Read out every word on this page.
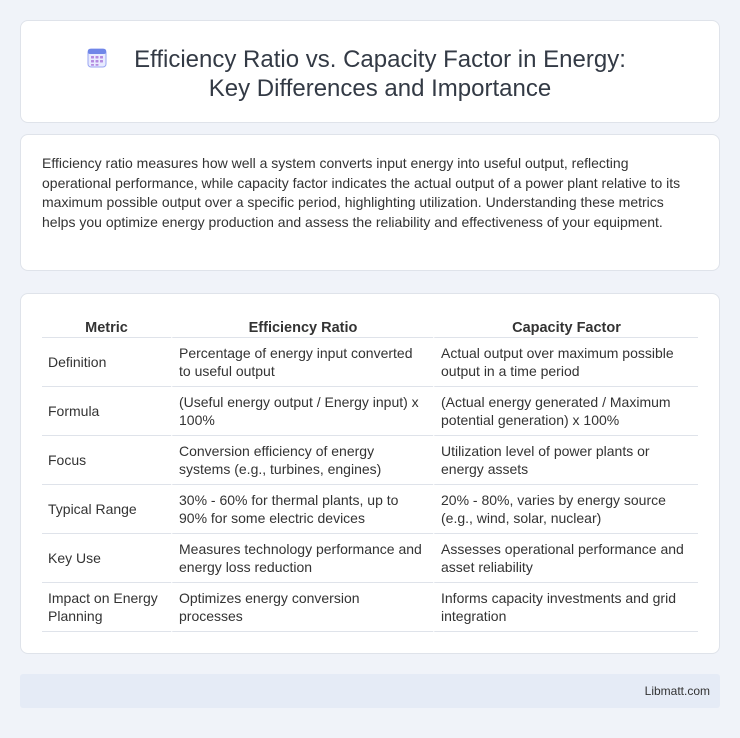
Efficiency Ratio vs. Capacity Factor in Energy: Key Differences and Importance

Efficiency ratio measures how well a system converts input energy into useful output, reflecting operational performance, while capacity factor indicates the actual output of a power plant relative to its maximum possible output over a specific period, highlighting utilization. Understanding these metrics helps you optimize energy production and assess the reliability and effectiveness of your equipment.

Metric	Efficiency Ratio	Capacity Factor
Definition	Percentage of energy input converted to useful output	Actual output over maximum possible output in a time period
Formula	(Useful energy output / Energy input) x 100%	(Actual energy generated / Maximum potential generation) x 100%
Focus	Conversion efficiency of energy systems (e.g., turbines, engines)	Utilization level of power plants or energy assets
Typical Range	30% - 60% for thermal plants, up to 90% for some electric devices	20% - 80%, varies by energy source (e.g., wind, solar, nuclear)
Key Use	Measures technology performance and energy loss reduction	Assesses operational performance and asset reliability
Impact on Energy Planning	Optimizes energy conversion processes	Informs capacity investments and grid integration
Libmatt.com
